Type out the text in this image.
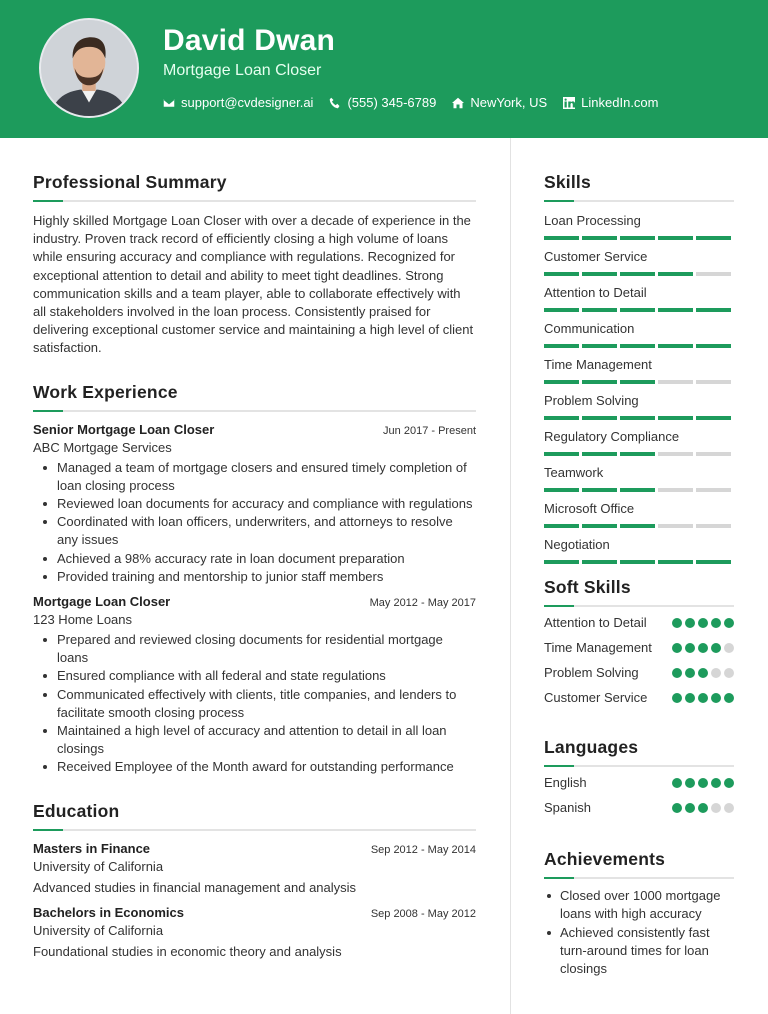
David Dwan
Mortgage Loan Closer
support@cvdesigner.ai	(555) 345-6789	NewYork, US	LinkedIn.com
Professional Summary

Highly skilled Mortgage Loan Closer with over a decade of experience in the industry. Proven track record of efficiently closing a high volume of loans while ensuring accuracy and compliance with regulations. Recognized for exceptional attention to detail and ability to meet tight deadlines. Strong communication skills and a team player, able to collaborate effectively with all stakeholders involved in the loan process. Consistently praised for delivering exceptional customer service and maintaining a high level of client satisfaction.

Work Experience
Senior Mortgage Loan Closer	Jun 2017 - Present
ABC Mortgage Services
Managed a team of mortgage closers and ensured timely completion of loan closing process
Reviewed loan documents for accuracy and compliance with regulations
Coordinated with loan officers, underwriters, and attorneys to resolve any issues
Achieved a 98% accuracy rate in loan document preparation
Provided training and mentorship to junior staff members
Mortgage Loan Closer	May 2012 - May 2017
123 Home Loans
Prepared and reviewed closing documents for residential mortgage loans
Ensured compliance with all federal and state regulations
Communicated effectively with clients, title companies, and lenders to facilitate smooth closing process
Maintained a high level of accuracy and attention to detail in all loan closings
Received Employee of the Month award for outstanding performance
Education
Masters in Finance	Sep 2012 - May 2014
University of California
Advanced studies in financial management and analysis
Bachelors in Economics	Sep 2008 - May 2012
University of California
Foundational studies in economic theory and analysis
Skills
Loan Processing
Customer Service
Attention to Detail
Communication
Time Management
Problem Solving
Regulatory Compliance
Teamwork
Microsoft Office
Negotiation
Soft Skills
Attention to Detail
Time Management
Problem Solving
Customer Service
Languages
English
Spanish
Achievements
Closed over 1000 mortgage loans with high accuracy
Achieved consistently fast turn-around times for loan closings
